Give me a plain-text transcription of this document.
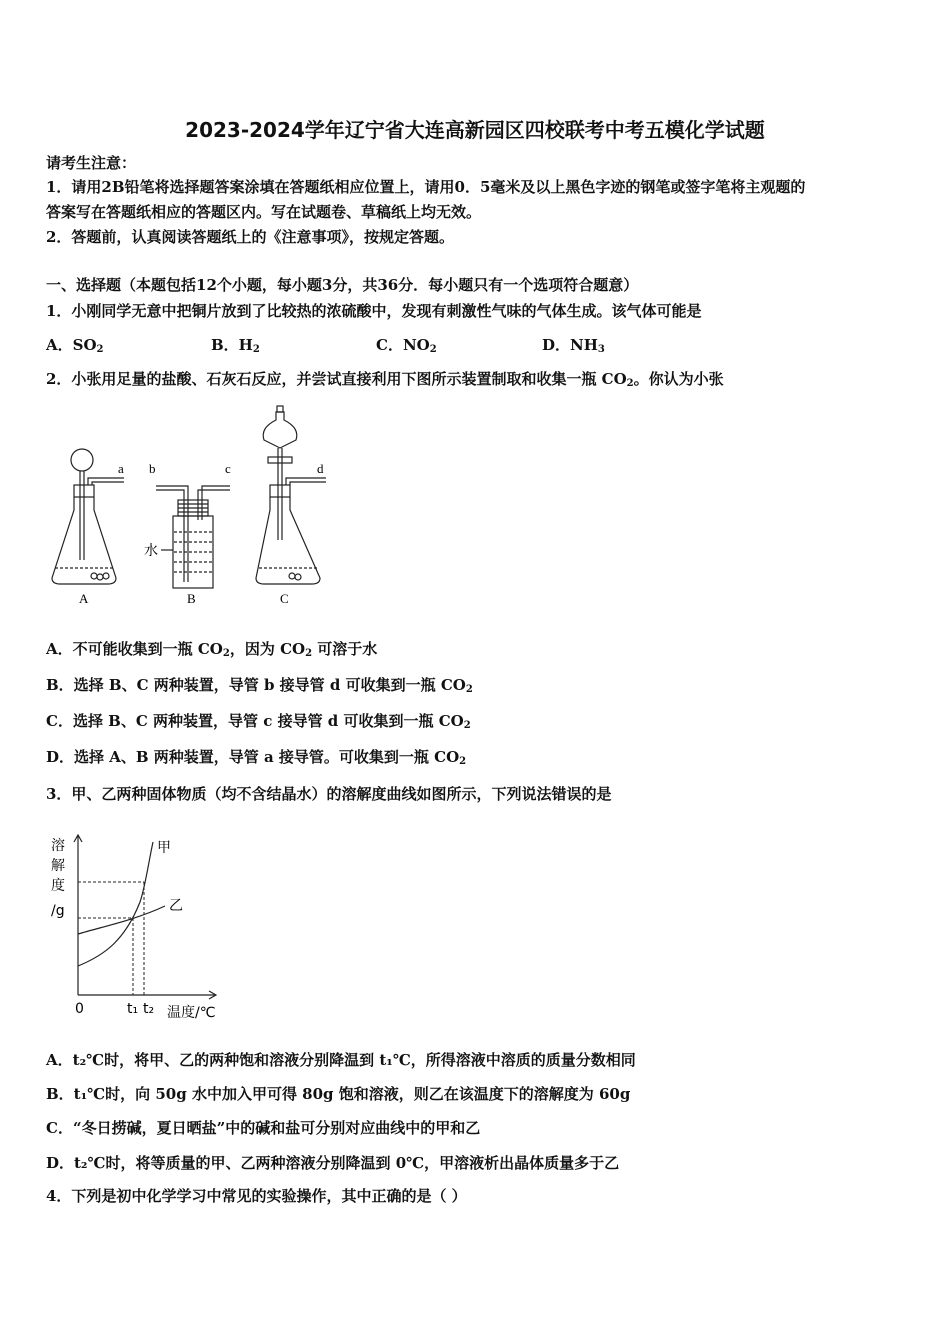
2023-2024学年辽宁省大连高新园区四校联考中考五模化学试题
请考生注意：
1．请用2B铅笔将选择题答案涂填在答题纸相应位置上，请用0．5毫米及以上黑色字迹的钢笔或签字笔将主观题的
答案写在答题纸相应的答题区内。写在试题卷、草稿纸上均无效。
2．答题前，认真阅读答题纸上的《注意事项》，按规定答题。
一、选择题（本题包括12个小题，每小题3分，共36分．每小题只有一个选项符合题意）
1．小刚同学无意中把铜片放到了比较热的浓硫酸中，发现有刺激性气味的气体生成。该气体可能是
A．$SO_2$	B．$H_2$	C．$NO_2$	D．$NH_3$
2．小张用足量的盐酸、石灰石反应，并尝试直接利用下图所示装置制取和收集一瓶 $CO_2$。你认为小张
a b	c	d
水
A	B	C
A．不可能收集到一瓶 $CO_2$，因为 $CO_2$ 可溶于水
B．选择 B、C 两种装置，导管 b 接导管 d 可收集到一瓶 $CO_2$
C．选择 B、C 两种装置，导管 c 接导管 d 可收集到一瓶 $CO_2$
D．选择 A、B 两种装置，导管 a 接导管。可收集到一瓶 $CO_2$
3．甲、乙两种固体物质（均不含结晶水）的溶解度曲线如图所示，下列说法错误的是
溶
解
度
/g
甲
乙
0	t₁ t₂ 温度/℃
A．t₂℃时，将甲、乙的两种饱和溶液分别降温到 t₁℃，所得溶液中溶质的质量分数相同
B．t₁℃时，向 50g 水中加入甲可得 80g 饱和溶液，则乙在该温度下的溶解度为 60g
C．“冬日捞碱，夏日晒盐”中的碱和盐可分别对应曲线中的甲和乙
D．t₂℃时，将等质量的甲、乙两种溶液分别降温到 0℃，甲溶液析出晶体质量多于乙
4．下列是初中化学学习中常见的实验操作，其中正确的是（ ）
